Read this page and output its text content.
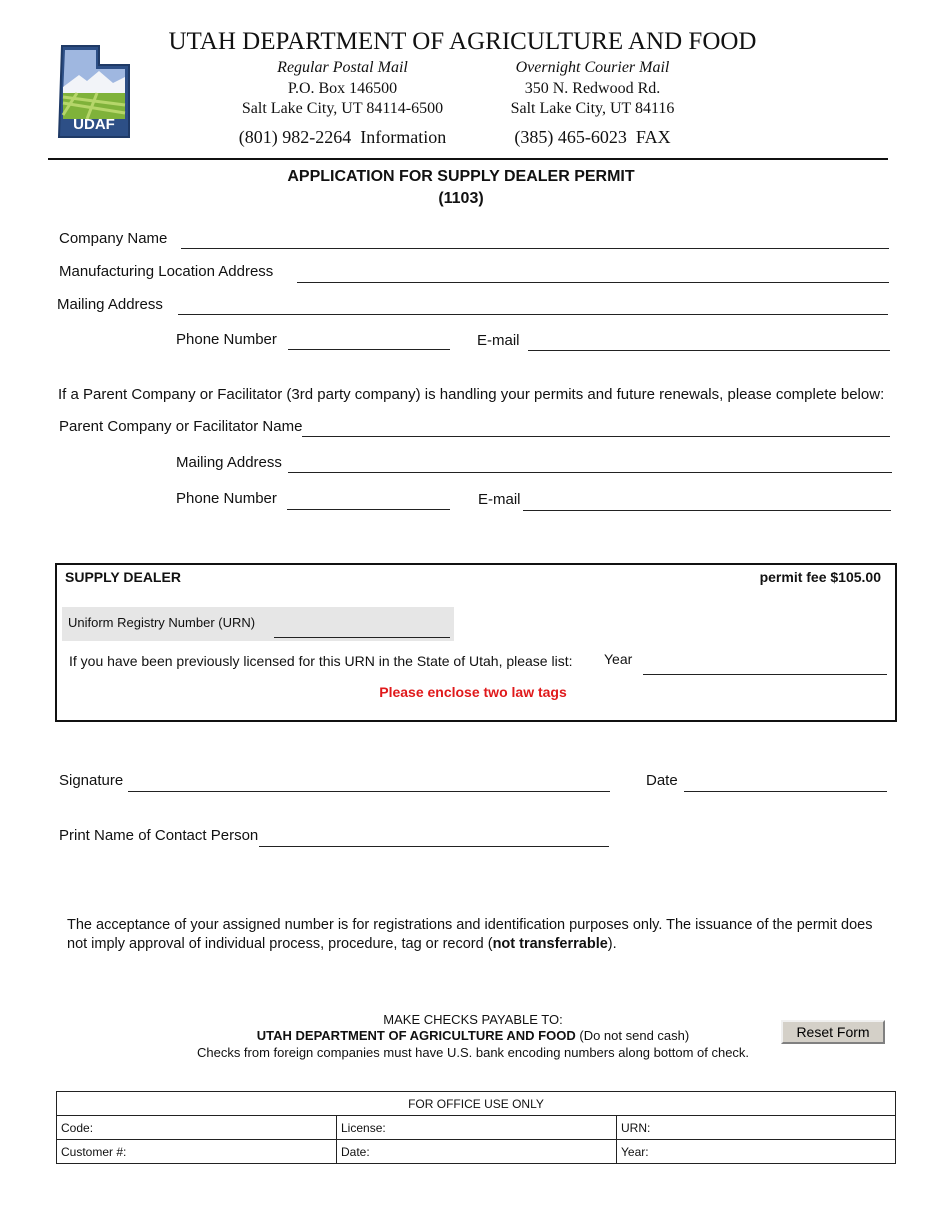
UDAF
UTAH DEPARTMENT OF AGRICULTURE AND FOOD
Regular Postal Mail
P.O. Box 146500
Salt Lake City, UT 84114-6500
(801) 982-2264  Information
Overnight Courier Mail
350 N. Redwood Rd.
Salt Lake City, UT 84116
(385) 465-6023  FAX
APPLICATION FOR SUPPLY DEALER PERMIT
(1103)
Company Name
Manufacturing Location Address
Mailing Address
Phone Number	E-mail
If a Parent Company or Facilitator (3rd party company) is handling your permits and future renewals, please complete below:
Parent Company or Facilitator Name
Mailing Address
Phone Number	E-mail
SUPPLY DEALER	permit fee $105.00
Uniform Registry Number (URN)
If you have been previously licensed for this URN in the State of Utah, please list: Year
Please enclose two law tags
Signature	Date
Print Name of Contact Person
The acceptance of your assigned number is for registrations and identification purposes only. The issuance of the permit does not imply approval of individual process, procedure, tag or record (not transferrable).
MAKE CHECKS PAYABLE TO:
UTAH DEPARTMENT OF AGRICULTURE AND FOOD (Do not send cash)
Checks from foreign companies must have U.S. bank encoding numbers along bottom of check.
Reset Form
FOR OFFICE USE ONLY		
Code:	License:	URN:
Customer #:	Date:	Year:
